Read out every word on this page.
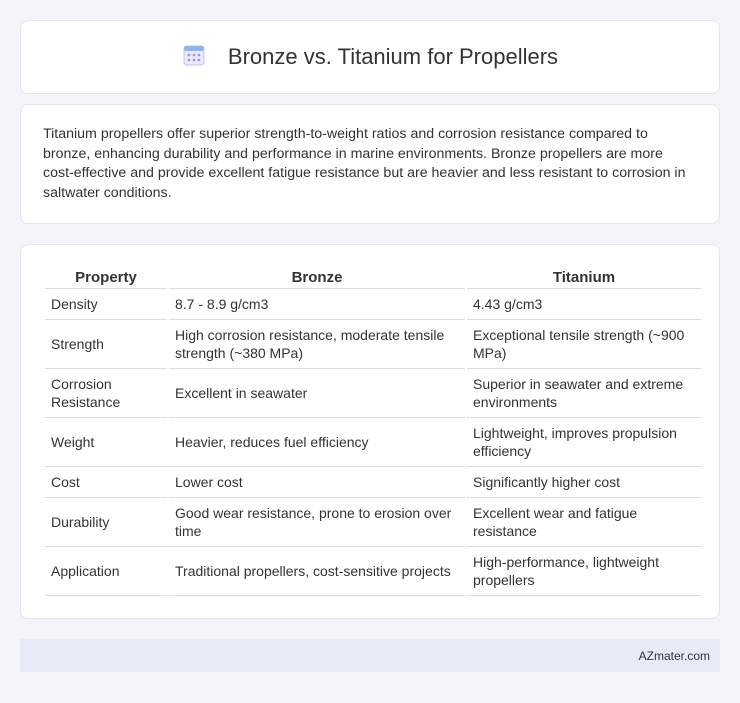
Bronze vs. Titanium for Propellers

Titanium propellers offer superior strength-to-weight ratios and corrosion resistance compared to bronze, enhancing durability and performance in marine environments. Bronze propellers are more cost-effective and provide excellent fatigue resistance but are heavier and less resistant to corrosion in saltwater conditions.

Property	Bronze	Titanium
Density	8.7 - 8.9 g/cm3	4.43 g/cm3
Strength	High corrosion resistance, moderate tensile strength (~380 MPa)	Exceptional tensile strength (~900 MPa)
Corrosion Resistance	Excellent in seawater	Superior in seawater and extreme environments
Weight	Heavier, reduces fuel efficiency	Lightweight, improves propulsion efficiency
Cost	Lower cost	Significantly higher cost
Durability	Good wear resistance, prone to erosion over time	Excellent wear and fatigue resistance
Application	Traditional propellers, cost-sensitive projects	High-performance, lightweight propellers
AZmater.com
